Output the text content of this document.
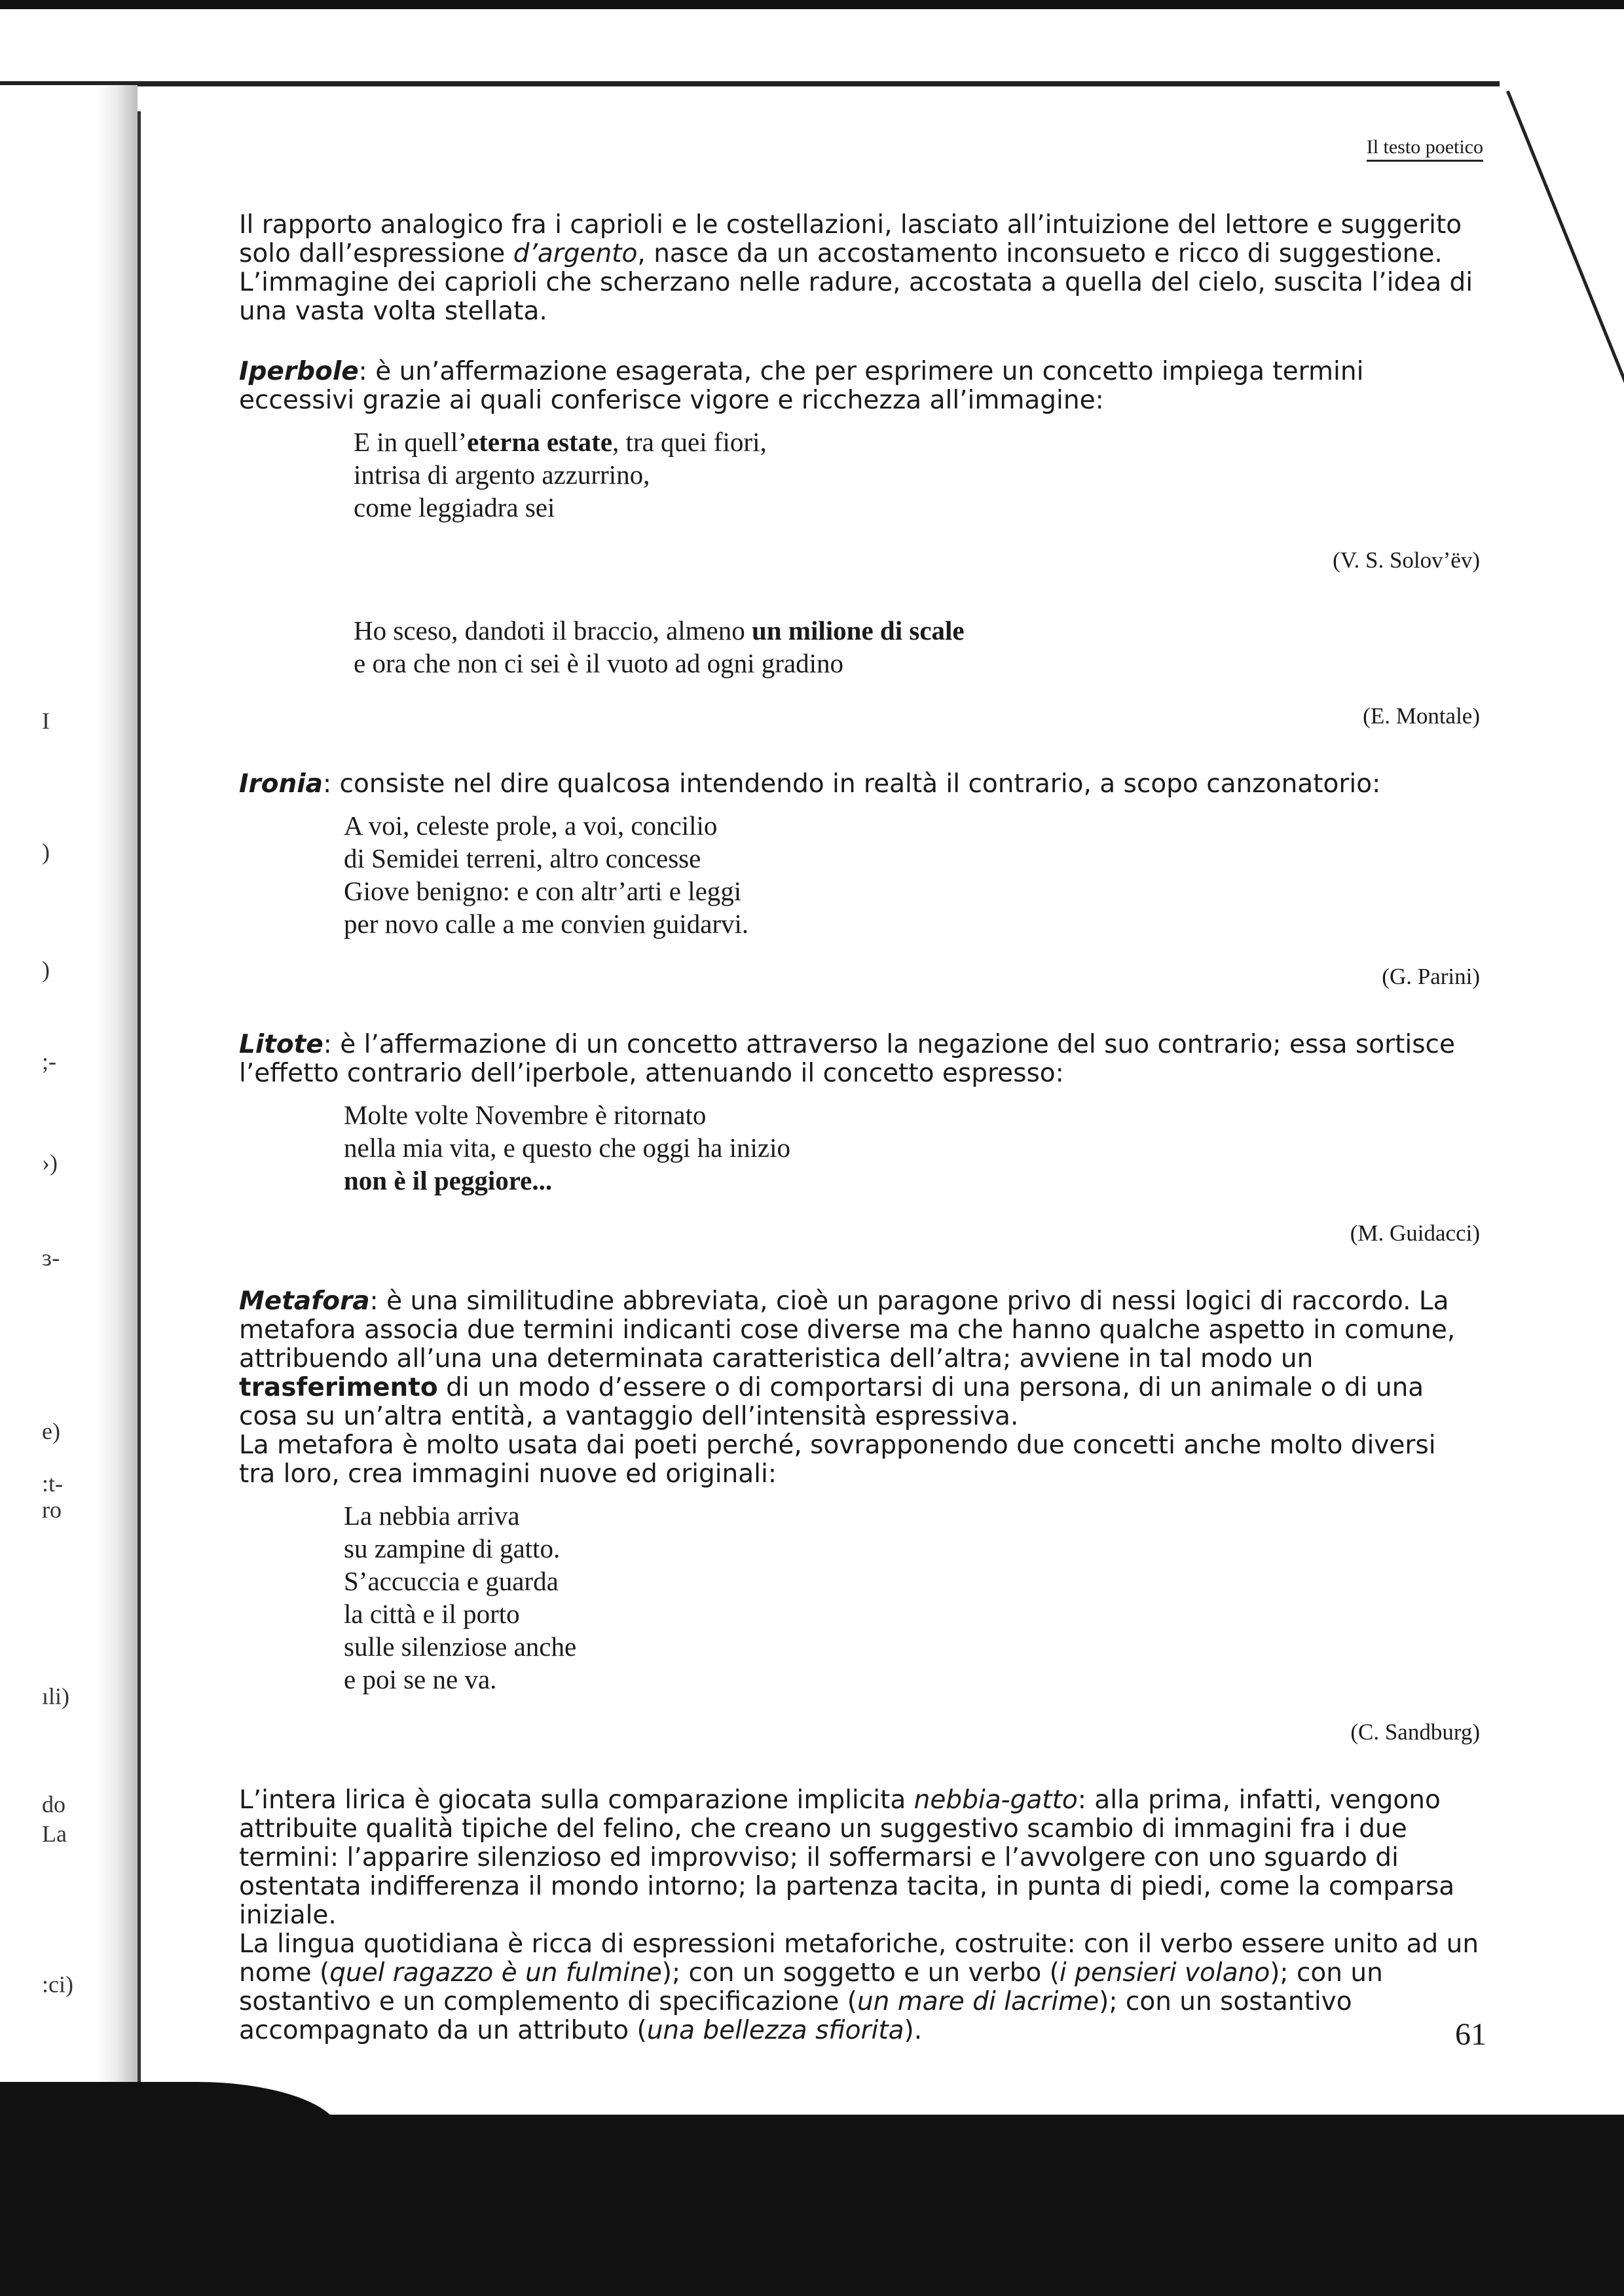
I
)
)
;-
›)
ɜ-
e)
:t-
ro
ıli)
do
La
:ci)
Il testo poetico

Il rapporto analogico fra i caprioli e le costellazioni, lasciato all’intuizione del lettore e suggerito solo dall’espressione d’argento, nasce da un accostamento inconsueto e ricco di suggestione. L’immagine dei caprioli che scherzano nelle radure, accostata a quella del cielo, suscita l’idea di una vasta volta stellata.

Iperbole: è un’affermazione esagerata, che per esprimere un concetto impiega termini eccessivi grazie ai quali conferisce vigore e ricchezza all’immagine:

E in quell’eterna estate, tra quei fiori,
intrisa di argento azzurrino,
come leggiadra sei
(V. S. Solov’ëv)
Ho sceso, dandoti il braccio, almeno un milione di scale
e ora che non ci sei è il vuoto ad ogni gradino
(E. Montale)

Ironia: consiste nel dire qualcosa intendendo in realtà il contrario, a scopo canzonatorio:

A voi, celeste prole, a voi, concilio
di Semidei terreni, altro concesse
Giove benigno: e con altr’arti e leggi
per novo calle a me convien guidarvi.
(G. Parini)

Litote: è l’affermazione di un concetto attraverso la negazione del suo contrario; essa sortisce l’effetto contrario dell’iperbole, attenuando il concetto espresso:

Molte volte Novembre è ritornato
nella mia vita, e questo che oggi ha inizio
non è il peggiore...
(M. Guidacci)

Metafora: è una similitudine abbreviata, cioè un paragone privo di nessi logici di raccordo. La metafora associa due termini indicanti cose diverse ma che hanno qualche aspetto in comune, attribuendo all’una una determinata caratteristica dell’altra; avviene in tal modo un trasferimento di un modo d’essere o di comportarsi di una persona, di un animale o di una cosa su un’altra entità, a vantaggio dell’intensità espressiva.

La metafora è molto usata dai poeti perché, sovrapponendo due concetti anche molto diversi tra loro, crea immagini nuove ed originali:

La nebbia arriva
su zampine di gatto.
S’accuccia e guarda
la città e il porto
sulle silenziose anche
e poi se ne va.
(C. Sandburg)

L’intera lirica è giocata sulla comparazione implicita nebbia-gatto: alla prima, infatti, vengono attribuite qualità tipiche del felino, che creano un suggestivo scambio di immagini fra i due termini: l’apparire silenzioso ed improvviso; il soffermarsi e l’avvolgere con uno sguardo di ostentata indifferenza il mondo intorno; la partenza tacita, in punta di piedi, come la comparsa iniziale.

La lingua quotidiana è ricca di espressioni metaforiche, costruite: con il verbo essere unito ad un nome (quel ragazzo è un fulmine); con un soggetto e un verbo (i pensieri volano); con un sostantivo e un complemento di specificazione (un mare di lacrime); con un sostantivo accompagnato da un attributo (una bellezza sfiorita).	61
